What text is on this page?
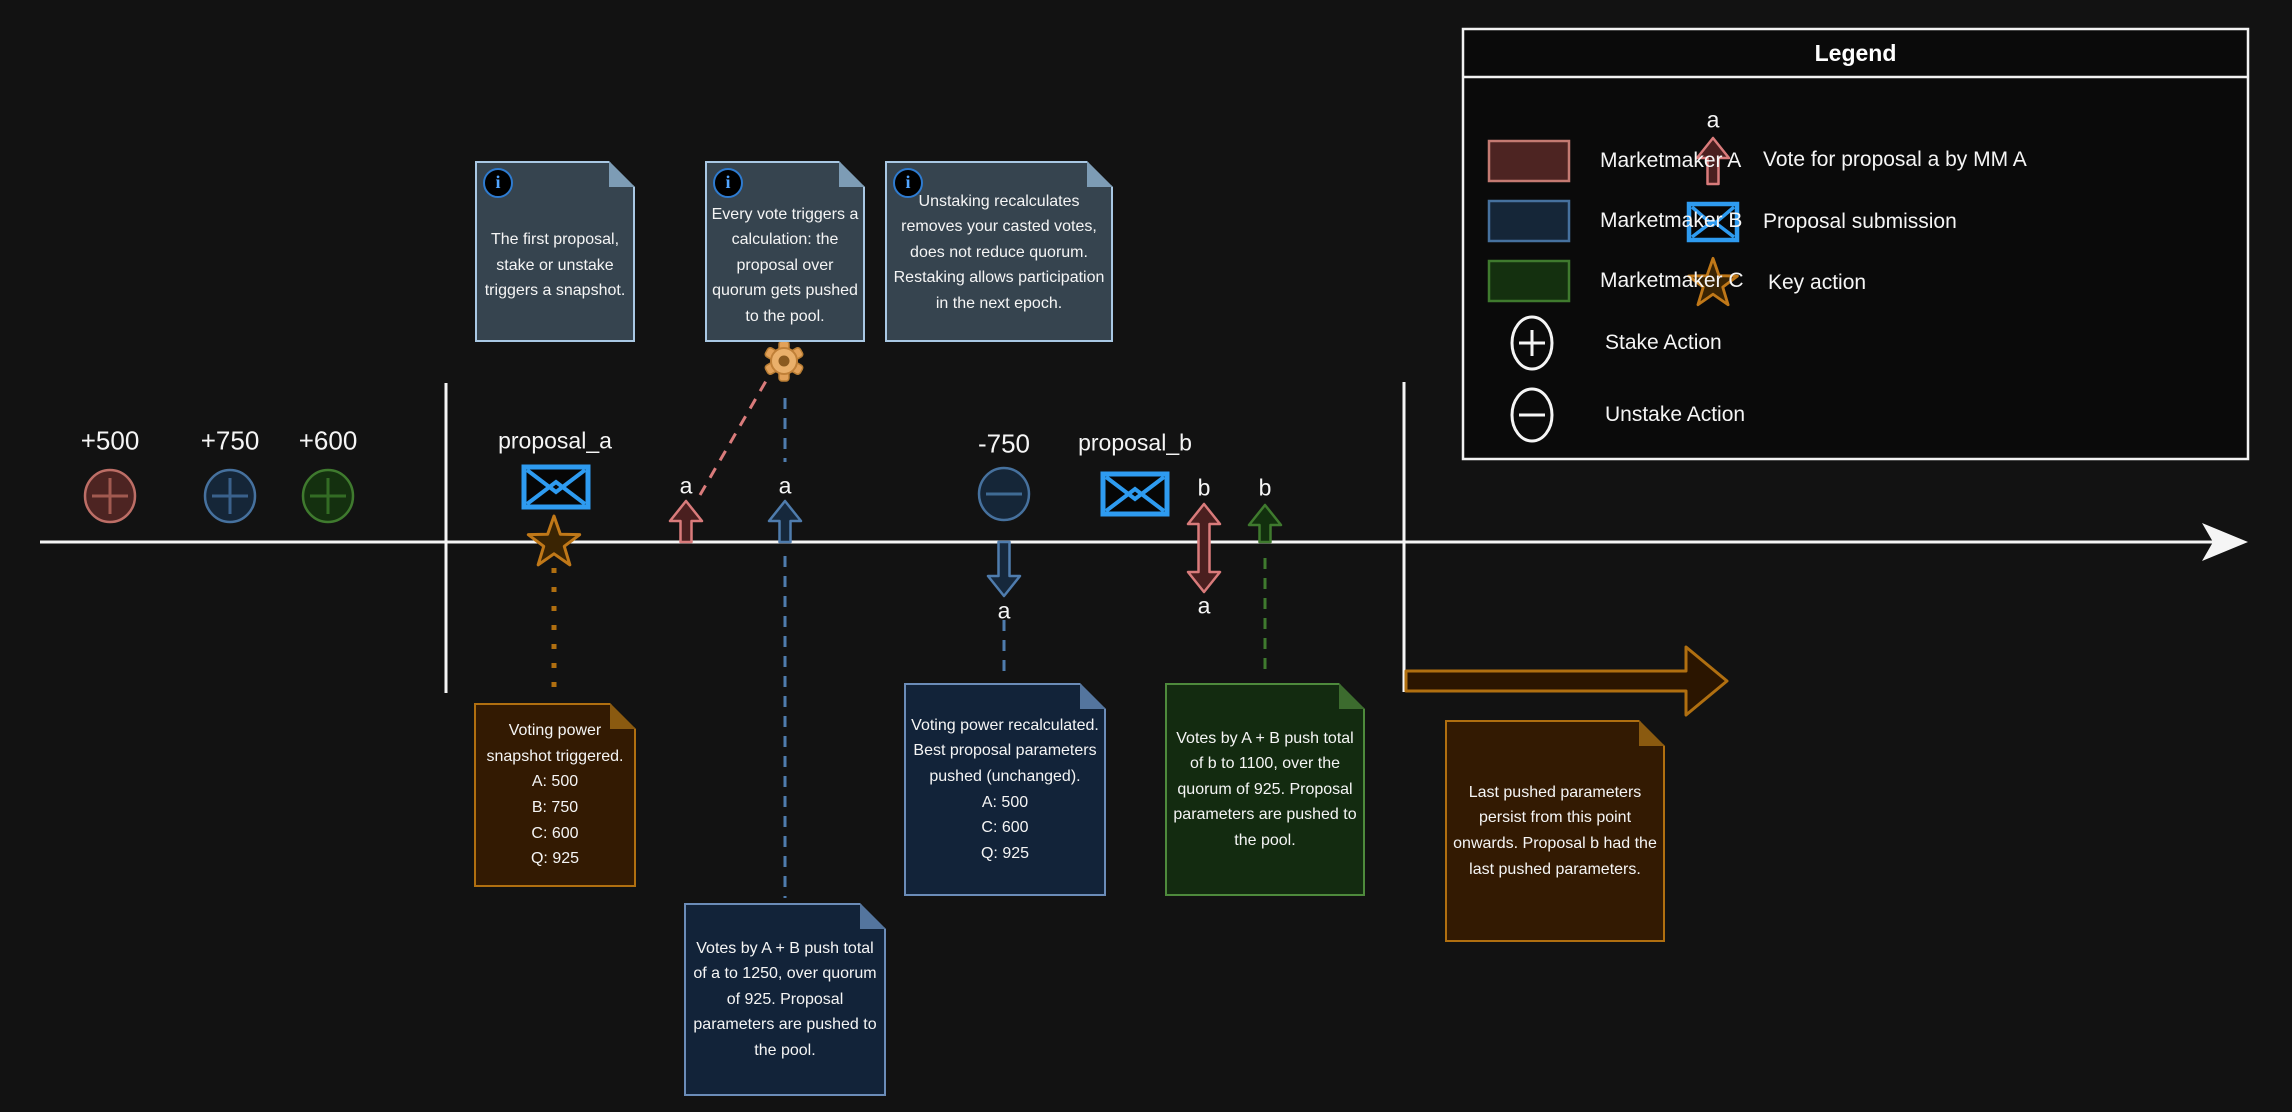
+500 +750 +600	-750
proposal_a	proposal_b
a	a
a
b
a
b
i
The first proposal, stake or unstake triggers a snapshot.
i
Every vote triggers a calculation: the proposal over quorum gets pushed to the pool.
i
Unstaking recalculates removes your casted votes, does not reduce quorum. Restaking allows participation in the next epoch.
Voting power snapshot triggered.
A: 500
B: 750
C: 600
Q: 925
Voting power recalculated. Best proposal parameters pushed (unchanged).
A: 500
C: 600
Q: 925
Votes by A + B push total of b to 1100, over the quorum of 925. Proposal parameters are pushed to the pool.
Votes by A + B push total of a to 1250, over quorum of 925. Proposal parameters are pushed to the pool.
Last pushed parameters persist from this point onwards. Proposal b had the last pushed parameters.
Legend
Marketmaker A
Marketmaker B
Marketmaker C
Stake Action
Unstake Action
a
Vote for proposal a by MM A
Proposal submission
Key action
